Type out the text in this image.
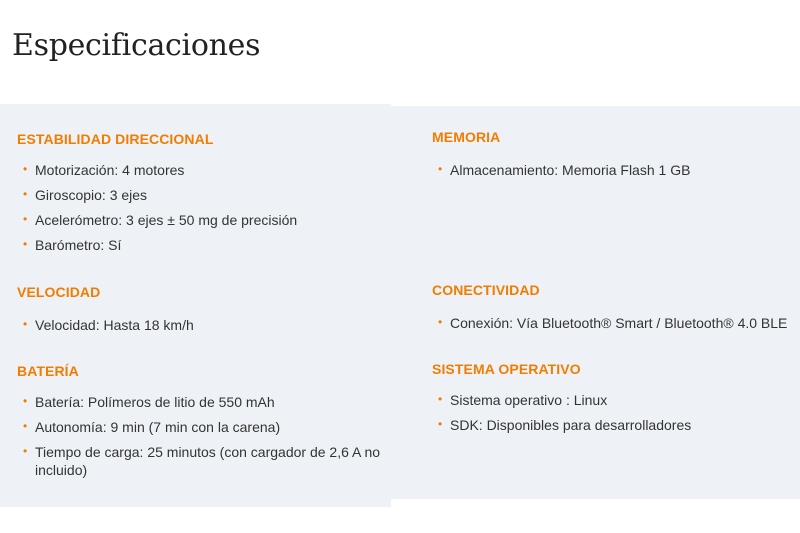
Especificaciones
ESTABILIDAD DIRECCIONAL
• Motorización: 4 motores
• Giroscopio: 3 ejes
• Acelerómetro: 3 ejes ± 50 mg de precisión
• Barómetro: Sí
VELOCIDAD
• Velocidad: Hasta 18 km/h
BATERÍA
• Batería: Polímeros de litio de 550 mAh
• Autonomía: 9 min (7 min con la carena)
• Tiempo de carga: 25 minutos (con cargador de 2,6 A no incluido)
MEMORIA
• Almacenamiento: Memoria Flash 1 GB
CONECTIVIDAD
• Conexión: Vía Bluetooth® Smart / Bluetooth® 4.0 BLE
SISTEMA OPERATIVO
• Sistema operativo : Linux
• SDK: Disponibles para desarrolladores
